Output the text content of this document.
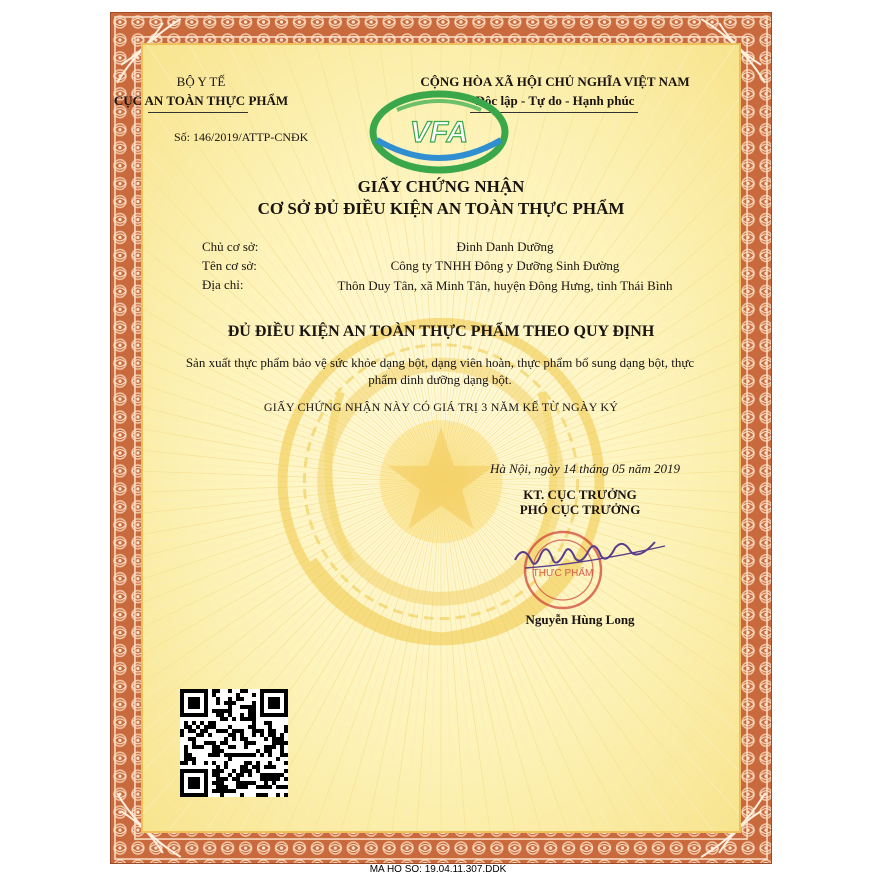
BỘ Y TẾ
CỤC AN TOÀN THỰC PHẨM
Số: 146/2019/ATTP-CNĐK
CỘNG HÒA XÃ HỘI CHỦ NGHĨA VIỆT NAM
Độc lập - Tự do - Hạnh phúc
VFA
GIẤY CHỨNG NHẬN
CƠ SỞ ĐỦ ĐIỀU KIỆN AN TOÀN THỰC PHẨM
Chủ cơ sở:	Đinh Danh Dưỡng
Tên cơ sở:	Công ty TNHH Đông y Dưỡng Sinh Đường
Địa chỉ:	Thôn Duy Tân, xã Minh Tân, huyện Đông Hưng, tỉnh Thái Bình
ĐỦ ĐIỀU KIỆN AN TOÀN THỰC PHẨM THEO QUY ĐỊNH
Sản xuất thực phẩm bảo vệ sức khỏe dạng bột, dạng viên hoàn, thực phẩm bổ sung dạng bột, thực phẩm dinh dưỡng dạng bột.
GIẤY CHỨNG NHẬN NÀY CÓ GIÁ TRỊ 3 NĂM KỂ TỪ NGÀY KÝ
Hà Nội, ngày 14 tháng 05 năm 2019
KT. CỤC TRƯỞNG
PHÓ CỤC TRƯỞNG
THỰC PHẨM
Nguyễn Hùng Long
MA HO SO: 19.04.11.307.DDK
